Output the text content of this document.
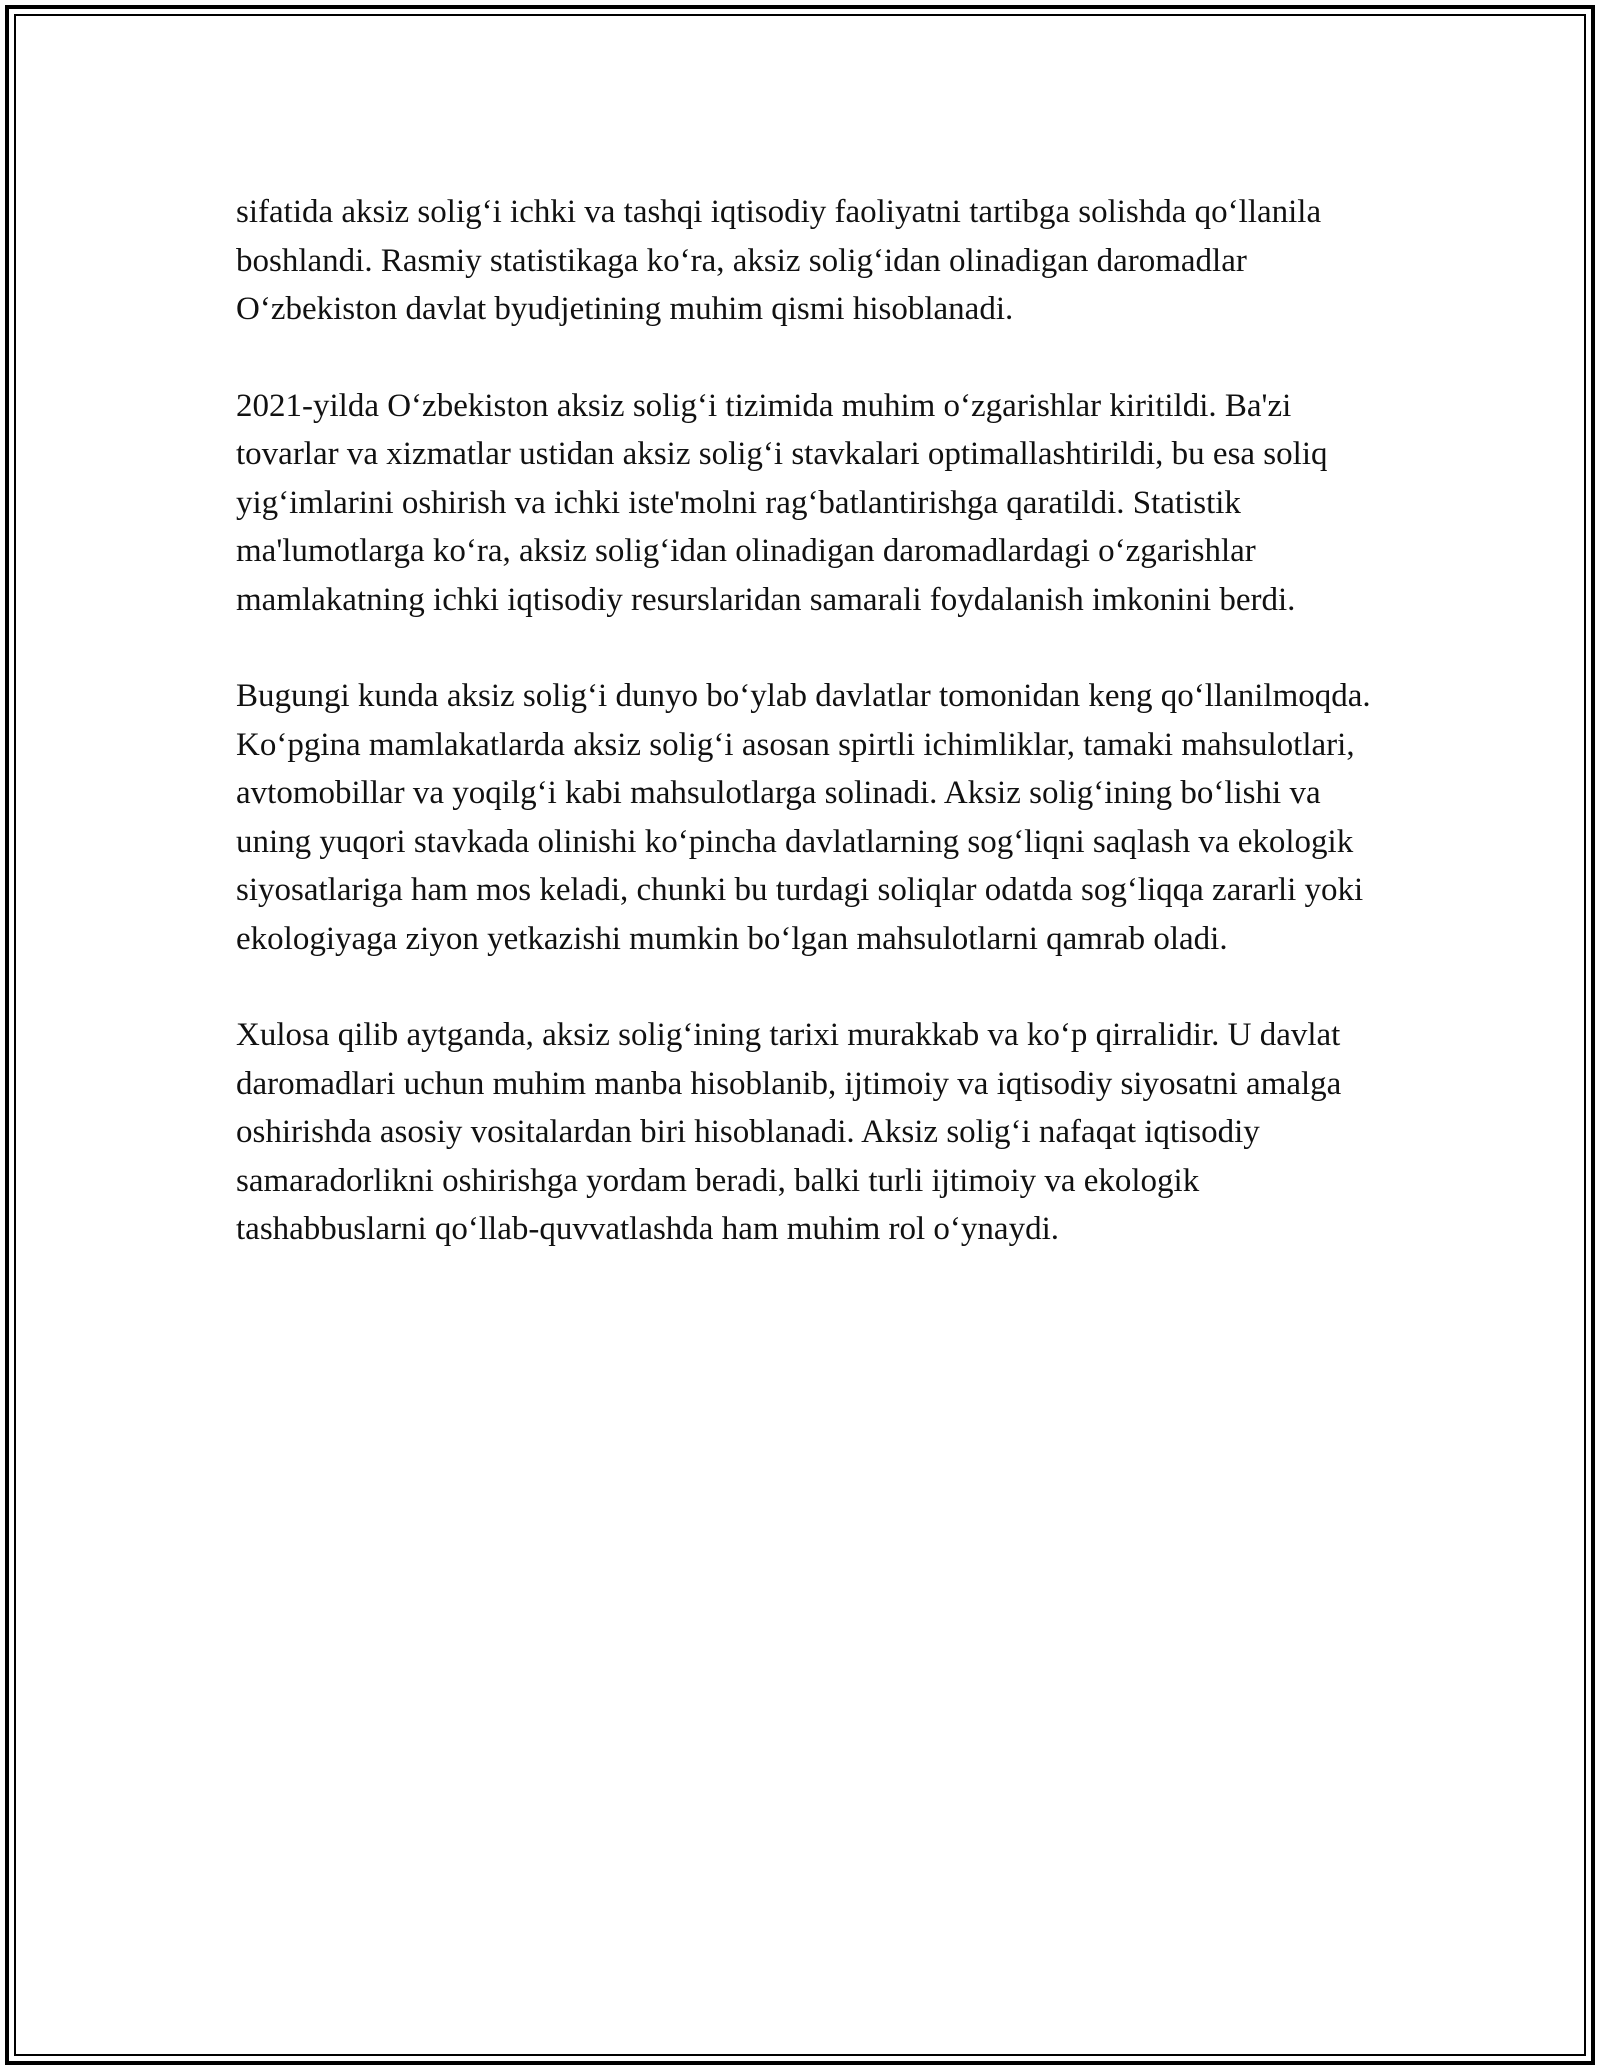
sifatida aksiz solig‘i ichki va tashqi iqtisodiy faoliyatni tartibga solishda qo‘llanila boshlandi. Rasmiy statistikaga ko‘ra, aksiz solig‘idan olinadigan daromadlar O‘zbekiston davlat byudjetining muhim qismi hisoblanadi.

2021-yilda O‘zbekiston aksiz solig‘i tizimida muhim o‘zgarishlar kiritildi. Ba'zi tovarlar va xizmatlar ustidan aksiz solig‘i stavkalari optimallashtirildi, bu esa soliq yig‘imlarini oshirish va ichki iste'molni rag‘batlantirishga qaratildi. Statistik ma'lumotlarga ko‘ra, aksiz solig‘idan olinadigan daromadlardagi o‘zgarishlar mamlakatning ichki iqtisodiy resurslaridan samarali foydalanish imkonini berdi.

Bugungi kunda aksiz solig‘i dunyo bo‘ylab davlatlar tomonidan keng qo‘llanilmoqda. Ko‘pgina mamlakatlarda aksiz solig‘i asosan spirtli ichimliklar, tamaki mahsulotlari, avtomobillar va yoqilg‘i kabi mahsulotlarga solinadi. Aksiz solig‘ining bo‘lishi va uning yuqori stavkada olinishi ko‘pincha davlatlarning sog‘liqni saqlash va ekologik siyosatlariga ham mos keladi, chunki bu turdagi soliqlar odatda sog‘liqqa zararli yoki ekologiyaga ziyon yetkazishi mumkin bo‘lgan mahsulotlarni qamrab oladi.

Xulosa qilib aytganda, aksiz solig‘ining tarixi murakkab va ko‘p qirralidir. U davlat daromadlari uchun muhim manba hisoblanib, ijtimoiy va iqtisodiy siyosatni amalga oshirishda asosiy vositalardan biri hisoblanadi. Aksiz solig‘i nafaqat iqtisodiy samaradorlikni oshirishga yordam beradi, balki turli ijtimoiy va ekologik tashabbuslarni qo‘llab-quvvatlashda ham muhim rol o‘ynaydi.
